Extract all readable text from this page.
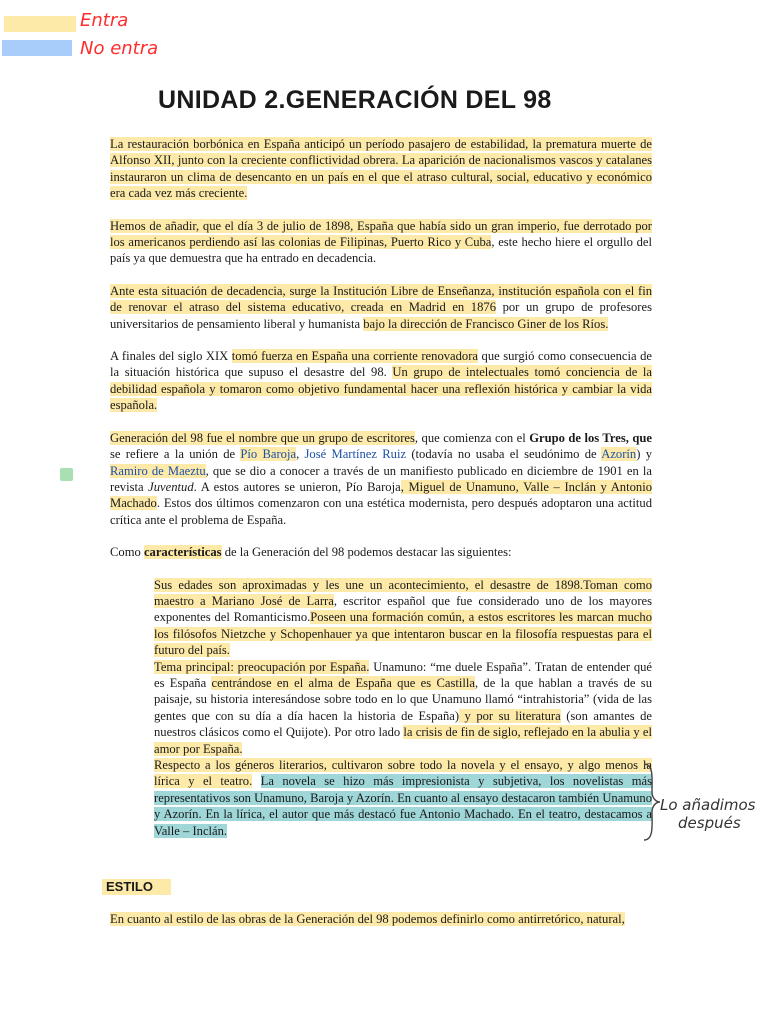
Entra
No entra
UNIDAD 2.GENERACIÓN DEL 98

La restauración borbónica en España anticipó un período pasajero de estabilidad, la prematura muerte de Alfonso XII, junto con la creciente conflictividad obrera. La aparición de nacionalismos vascos y catalanes instauraron un clima de desencanto en un país en el que el atraso cultural, social, educativo y económico era cada vez más creciente.

Hemos de añadir, que el día 3 de julio de 1898, España que había sido un gran imperio, fue derrotado por los americanos perdiendo así las colonias de Filipinas, Puerto Rico y Cuba, este hecho hiere el orgullo del país ya que demuestra que ha entrado en decadencia.

Ante esta situación de decadencia, surge la Institución Libre de Enseñanza, institución española con el fin de renovar el atraso del sistema educativo, creada en Madrid en 1876 por un grupo de profesores universitarios de pensamiento liberal y humanista bajo la dirección de Francisco Giner de los Ríos.

A finales del siglo XIX tomó fuerza en España una corriente renovadora que surgió como consecuencia de la situación histórica que supuso el desastre del 98. Un grupo de intelectuales tomó conciencia de la debilidad española y tomaron como objetivo fundamental hacer una reflexión histórica y cambiar la vida española.

Generación del 98 fue el nombre que un grupo de escritores, que comienza con el Grupo de los Tres, que se refiere a la unión de Pío Baroja, José Martínez Ruiz (todavía no usaba el seudónimo de Azorín) y Ramiro de Maeztu, que se dio a conocer a través de un manifiesto publicado en diciembre de 1901 en la revista Juventud. A estos autores se unieron, Pío Baroja, Miguel de Unamuno, Valle – Inclán y Antonio Machado. Estos dos últimos comenzaron con una estética modernista, pero después adoptaron una actitud crítica ante el problema de España.

Como características de la Generación del 98 podemos destacar las siguientes:

Sus edades son aproximadas y les une un acontecimiento, el desastre de 1898.Toman como maestro a Mariano José de Larra, escritor español que fue considerado uno de los mayores exponentes del Romanticismo.Poseen una formación común, a estos escritores les marcan mucho los filósofos Nietzche y Schopenhauer ya que intentaron buscar en la filosofía respuestas para el futuro del país.

Tema principal: preocupación por España. Unamuno: “me duele España”. Tratan de entender qué es España centrándose en el alma de España que es Castilla, de la que hablan a través de su paisaje, su historia interesándose sobre todo en lo que Unamuno llamó “intrahistoria” (vida de las gentes que con su día a día hacen la historia de España) y por su literatura (son amantes de nuestros clásicos como el Quijote). Por otro lado la crisis de fin de siglo, reflejado en la abulia y el amor por España.

Respecto a los géneros literarios, cultivaron sobre todo la novela y el ensayo, y algo menos la lírica y el teatro. La novela se hizo más impresionista y subjetiva, los novelistas más representativos son Unamuno, Baroja y Azorín. En cuanto al ensayo destacaron también Unamuno y Azorín. En la lírica, el autor que más destacó fue Antonio Machado. En el teatro, destacamos a Valle – Inclán.

ESTILO

En cuanto al estilo de las obras de la Generación del 98 podemos definirlo como antirretórico, natural,

Lo añadimos
después
